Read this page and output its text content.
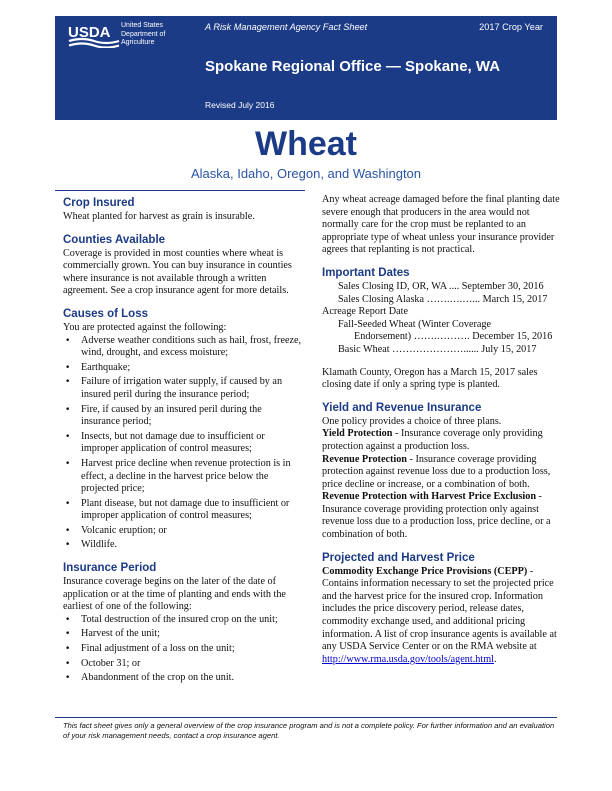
USDA United States
Department of
Agriculture
A Risk Management Agency Fact Sheet	2017 Crop Year
Spokane Regional Office — Spokane, WA
Revised July 2016
Wheat
Alaska, Idaho, Oregon, and Washington
Crop Insured

Wheat planted for harvest as grain is insurable.

Counties Available

Coverage is provided in most counties where wheat is commercially grown. You can buy insurance in counties where insurance is not available through a written agreement. See a crop insurance agent for more details.

Causes of Loss

You are protected against the following:

• Adverse weather conditions such as hail, frost, freeze, wind, drought, and excess moisture;
• Earthquake;
• Failure of irrigation water supply, if caused by an insured peril during the insurance period;
• Fire, if caused by an insured peril during the insurance period;
• Insects, but not damage due to insufficient or improper application of control measures;
• Harvest price decline when revenue protection is in effect, a decline in the harvest price below the projected price;
• Plant disease, but not damage due to insufficient or improper application of control measures;
• Volcanic eruption; or
• Wildlife.
Insurance Period

Insurance coverage begins on the later of the date of application or at the time of planting and ends with the earliest of one of the following:

• Total destruction of the insured crop on the unit;
• Harvest of the unit;
• Final adjustment of a loss on the unit;
• October 31; or
• Abandonment of the crop on the unit.

Any wheat acreage damaged before the final planting date severe enough that producers in the area would not normally care for the crop must be replanted to an appropriate type of wheat unless your insurance provider agrees that replanting is not practical.

Important Dates

Sales Closing ID, OR, WA .... September 30, 2016

Sales Closing Alaska …….….…... March 15, 2017

Acreage Report Date

Fall-Seeded Wheat (Winter Coverage

Endorsement) …….………. December 15, 2016

Basic Wheat …………………...... July 15, 2017

Klamath County, Oregon has a March 15, 2017 sales closing date if only a spring type is planted.

Yield and Revenue Insurance

One policy provides a choice of three plans.

Yield Protection - Insurance coverage only providing protection against a production loss.

Revenue Protection - Insurance coverage providing protection against revenue loss due to a production loss, price decline or increase, or a combination of both.

Revenue Protection with Harvest Price Exclusion - Insurance coverage providing protection only against revenue loss due to a production loss, price decline, or a combination of both.

Projected and Harvest Price

Commodity Exchange Price Provisions (CEPP) - Contains information necessary to set the projected price and the harvest price for the insured crop. Information includes the price discovery period, release dates, commodity exchange used, and additional pricing information. A list of crop insurance agents is available at any USDA Service Center or on the RMA website at http://www.rma.usda.gov/tools/agent.html.

This fact sheet gives only a general overview of the crop insurance program and is not a complete policy. For further information and an evaluation of your risk management needs, contact a crop insurance agent.
